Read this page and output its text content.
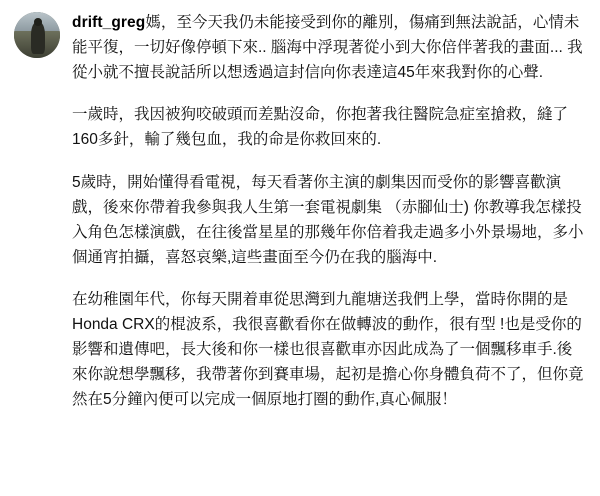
drift_greg媽，至今天我仍未能接受到你的離別，傷痛到無法說話，心情未能平復，一切好像停頓下來.. 腦海中浮現著從小到大你倍伴著我的畫面... 我從小就不擅長說話所以想透過這封信向你表達這45年來我對你的心聲.

一歲時，我因被狗咬破頭而差點沒命，你抱著我往醫院急症室搶救，縫了160多針，輸了幾包血，我的命是你救回來的.

5歲時，開始懂得看電視，每天看著你主演的劇集因而受你的影響喜歡演戲，後來你帶着我參與我人生第一套電視劇集 （赤腳仙士) 你教導我怎樣投入角色怎樣演戲，在往後當星星的那幾年你倍着我走過多小外景場地，多小個通宵拍攝，喜怒哀樂,這些畫面至今仍在我的腦海中.

在幼稚園年代，你每天開着車從思灣到九龍塘送我們上學，當時你開的是Honda CRX的棍波系，我很喜歡看你在做轉波的動作，很有型 !也是受你的影響和遺傳吧，長大後和你一樣也很喜歡車亦因此成為了一個飄移車手.後來你說想學飄移，我帶著你到賽車場，起初是擔心你身體負荷不了，但你竟然在5分鐘內便可以完成一個原地打圈的動作,真心佩服！
